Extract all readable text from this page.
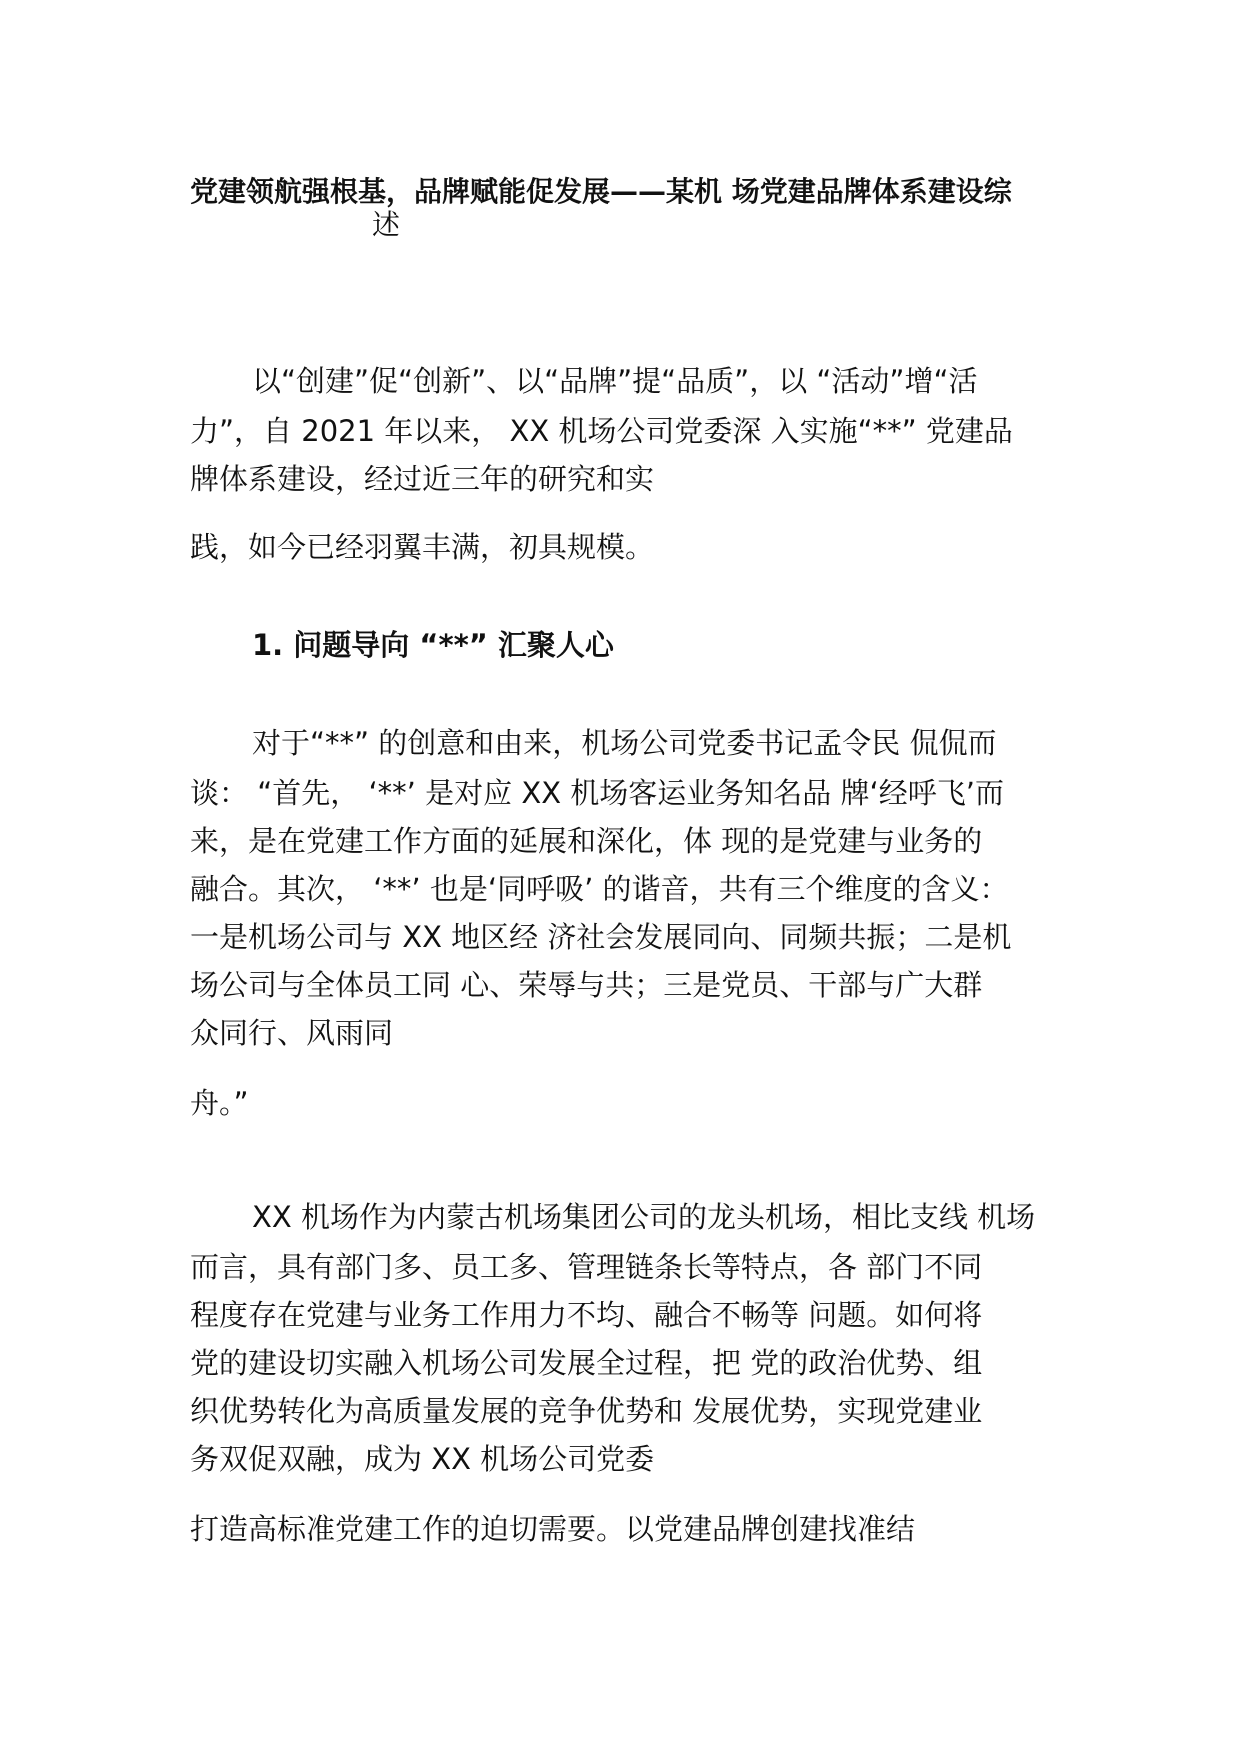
党建领航强根基，品牌赋能促发展——某机 场党建品牌体系建设综
述

以“创建”促“创新”、以“品牌”提“品质”，以 “活动”增“活

力”，自 2021 年以来， XX 机场公司党委深 入实施“**” 党建品

牌体系建设，经过近三年的研究和实

践，如今已经羽翼丰满，初具规模。

1. 问题导向 “**” 汇聚人心

对于“**” 的创意和由来，机场公司党委书记孟令民 侃侃而

谈： “首先， ‘**’ 是对应 XX 机场客运业务知名品 牌‘经呼飞’而

来，是在党建工作方面的延展和深化，体 现的是党建与业务的

融合。其次， ‘**’ 也是‘同呼吸’ 的谐音，共有三个维度的含义：

一是机场公司与 XX 地区经 济社会发展同向、同频共振；二是机

场公司与全体员工同 心、荣辱与共；三是党员、干部与广大群

众同行、风雨同

舟。”

XX 机场作为内蒙古机场集团公司的龙头机场，相比支线 机场

而言，具有部门多、员工多、管理链条长等特点，各 部门不同

程度存在党建与业务工作用力不均、融合不畅等 问题。如何将

党的建设切实融入机场公司发展全过程，把 党的政治优势、组

织优势转化为高质量发展的竞争优势和 发展优势，实现党建业

务双促双融，成为 XX 机场公司党委

打造高标准党建工作的迫切需要。以党建品牌创建找准结
